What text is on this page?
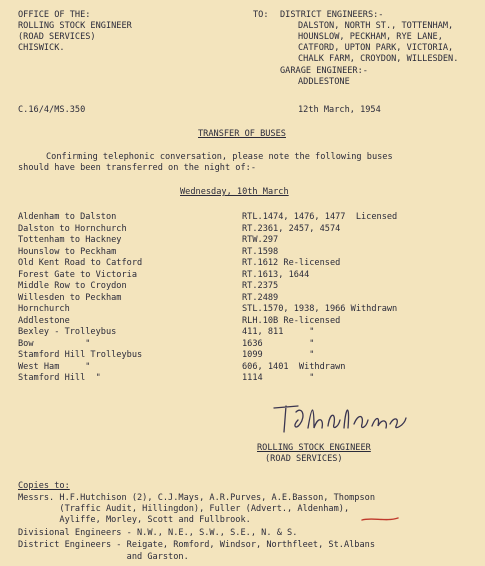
OFFICE OF THE:
ROLLING STOCK ENGINEER
(ROAD SERVICES)
CHISWICK.
TO: DISTRICT ENGINEERS:-
DALSTON, NORTH ST., TOTTENHAM,
HOUNSLOW, PECKHAM, RYE LANE,
CATFORD, UPTON PARK, VICTORIA,
CHALK FARM, CROYDON, WILLESDEN.
GARAGE ENGINEER:-
ADDLESTONE
C.16/4/MS.350	12th March, 1954
TRANSFER OF BUSES
Confirming telephonic conversation, please note the following buses
should have been transferred on the night of:-
Wednesday, 10th March
Aldenham to Dalston	RTL.1474, 1476, 1477  Licensed
Dalston to Hornchurch	RT.2361, 2457, 4574
Tottenham to Hackney	RTW.297
Hounslow to Peckham	RT.1598
Old Kent Road to Catford	RT.1612 Re-licensed
Forest Gate to Victoria	RT.1613, 1644
Middle Row to Croydon	RT.2375
Willesden to Peckham	RT.2489
Hornchurch	STL.1570, 1938, 1966 Withdrawn
Addlestone	RLH.10B Re-licensed
Bexley - Trolleybus	411, 811     "
Bow          "	1636         "
Stamford Hill Trolleybus	1099         "
West Ham     "	606, 1401  Withdrawn
Stamford Hill  "	1114         "
ROLLING STOCK ENGINEER
(ROAD SERVICES)
Copies to:
Messrs. H.F.Hutchison (2), C.J.Mays, A.R.Purves, A.E.Basson, Thompson
(Traffic Audit, Hillingdon), Fuller (Advert., Aldenham),
Ayliffe, Morley, Scott and Fullbrook.
Divisional Engineers - N.W., N.E., S.W., S.E., N. & S.
District Engineers - Reigate, Romford, Windsor, Northfleet, St.Albans
and Garston.
